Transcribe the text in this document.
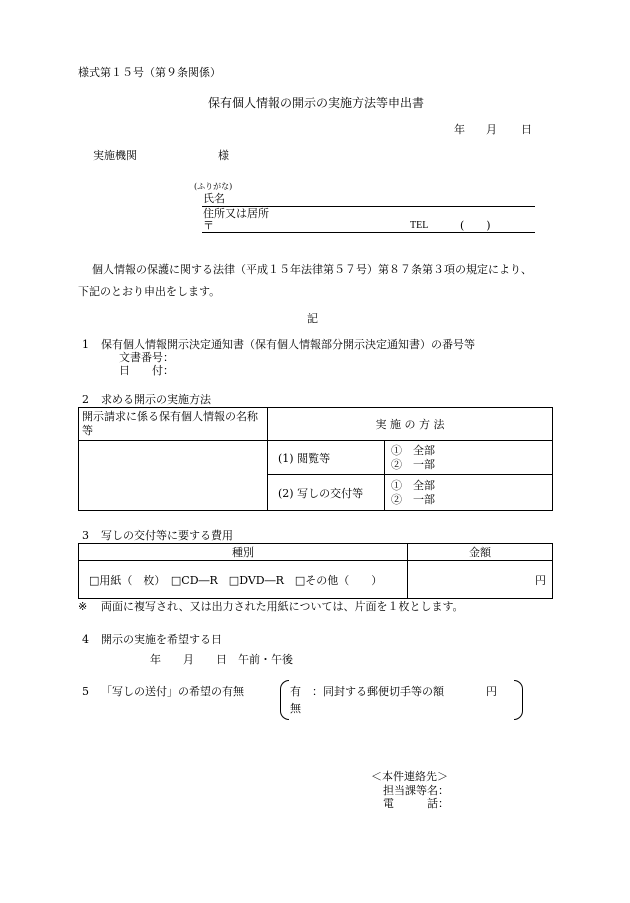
様式第１５号（第９条関係）
保有個人情報の開示の実施方法等申出書
年 月 日
実施機関	様
(ふりがな)
氏名
住所又は居所
〒	TEL	(　　)
個人情報の保護に関する法律（平成１５年法律第５７号）第８７条第３項の規定により、
下記のとおり申出をします。
記
1 保有個人情報開示決定通知書（保有個人情報部分開示決定通知書）の番号等
文書番号：
日　　付：
2 求める開示の実施方法
開示請求に係る保有個人情報の名称等	実 施 の 方 法	
	(1) 閲覧等	①　全部
②　一部

	(2) 写しの交付等	①　全部
②　一部
3 写しの交付等に要する費用
種別	金額
□用紙（　枚）　□CD―R　□DVD―R　□その他（　　）	円
※ 両面に複写され、又は出力された用紙については、片面を１枚とします。
4 開示の実施を希望する日
年　　月　　日　午前・午後
5 「写しの送付」の希望の有無	有　：同封する郵便切手等の額	円
無
＜本件連絡先＞
担当課等名：
電　　　話：
